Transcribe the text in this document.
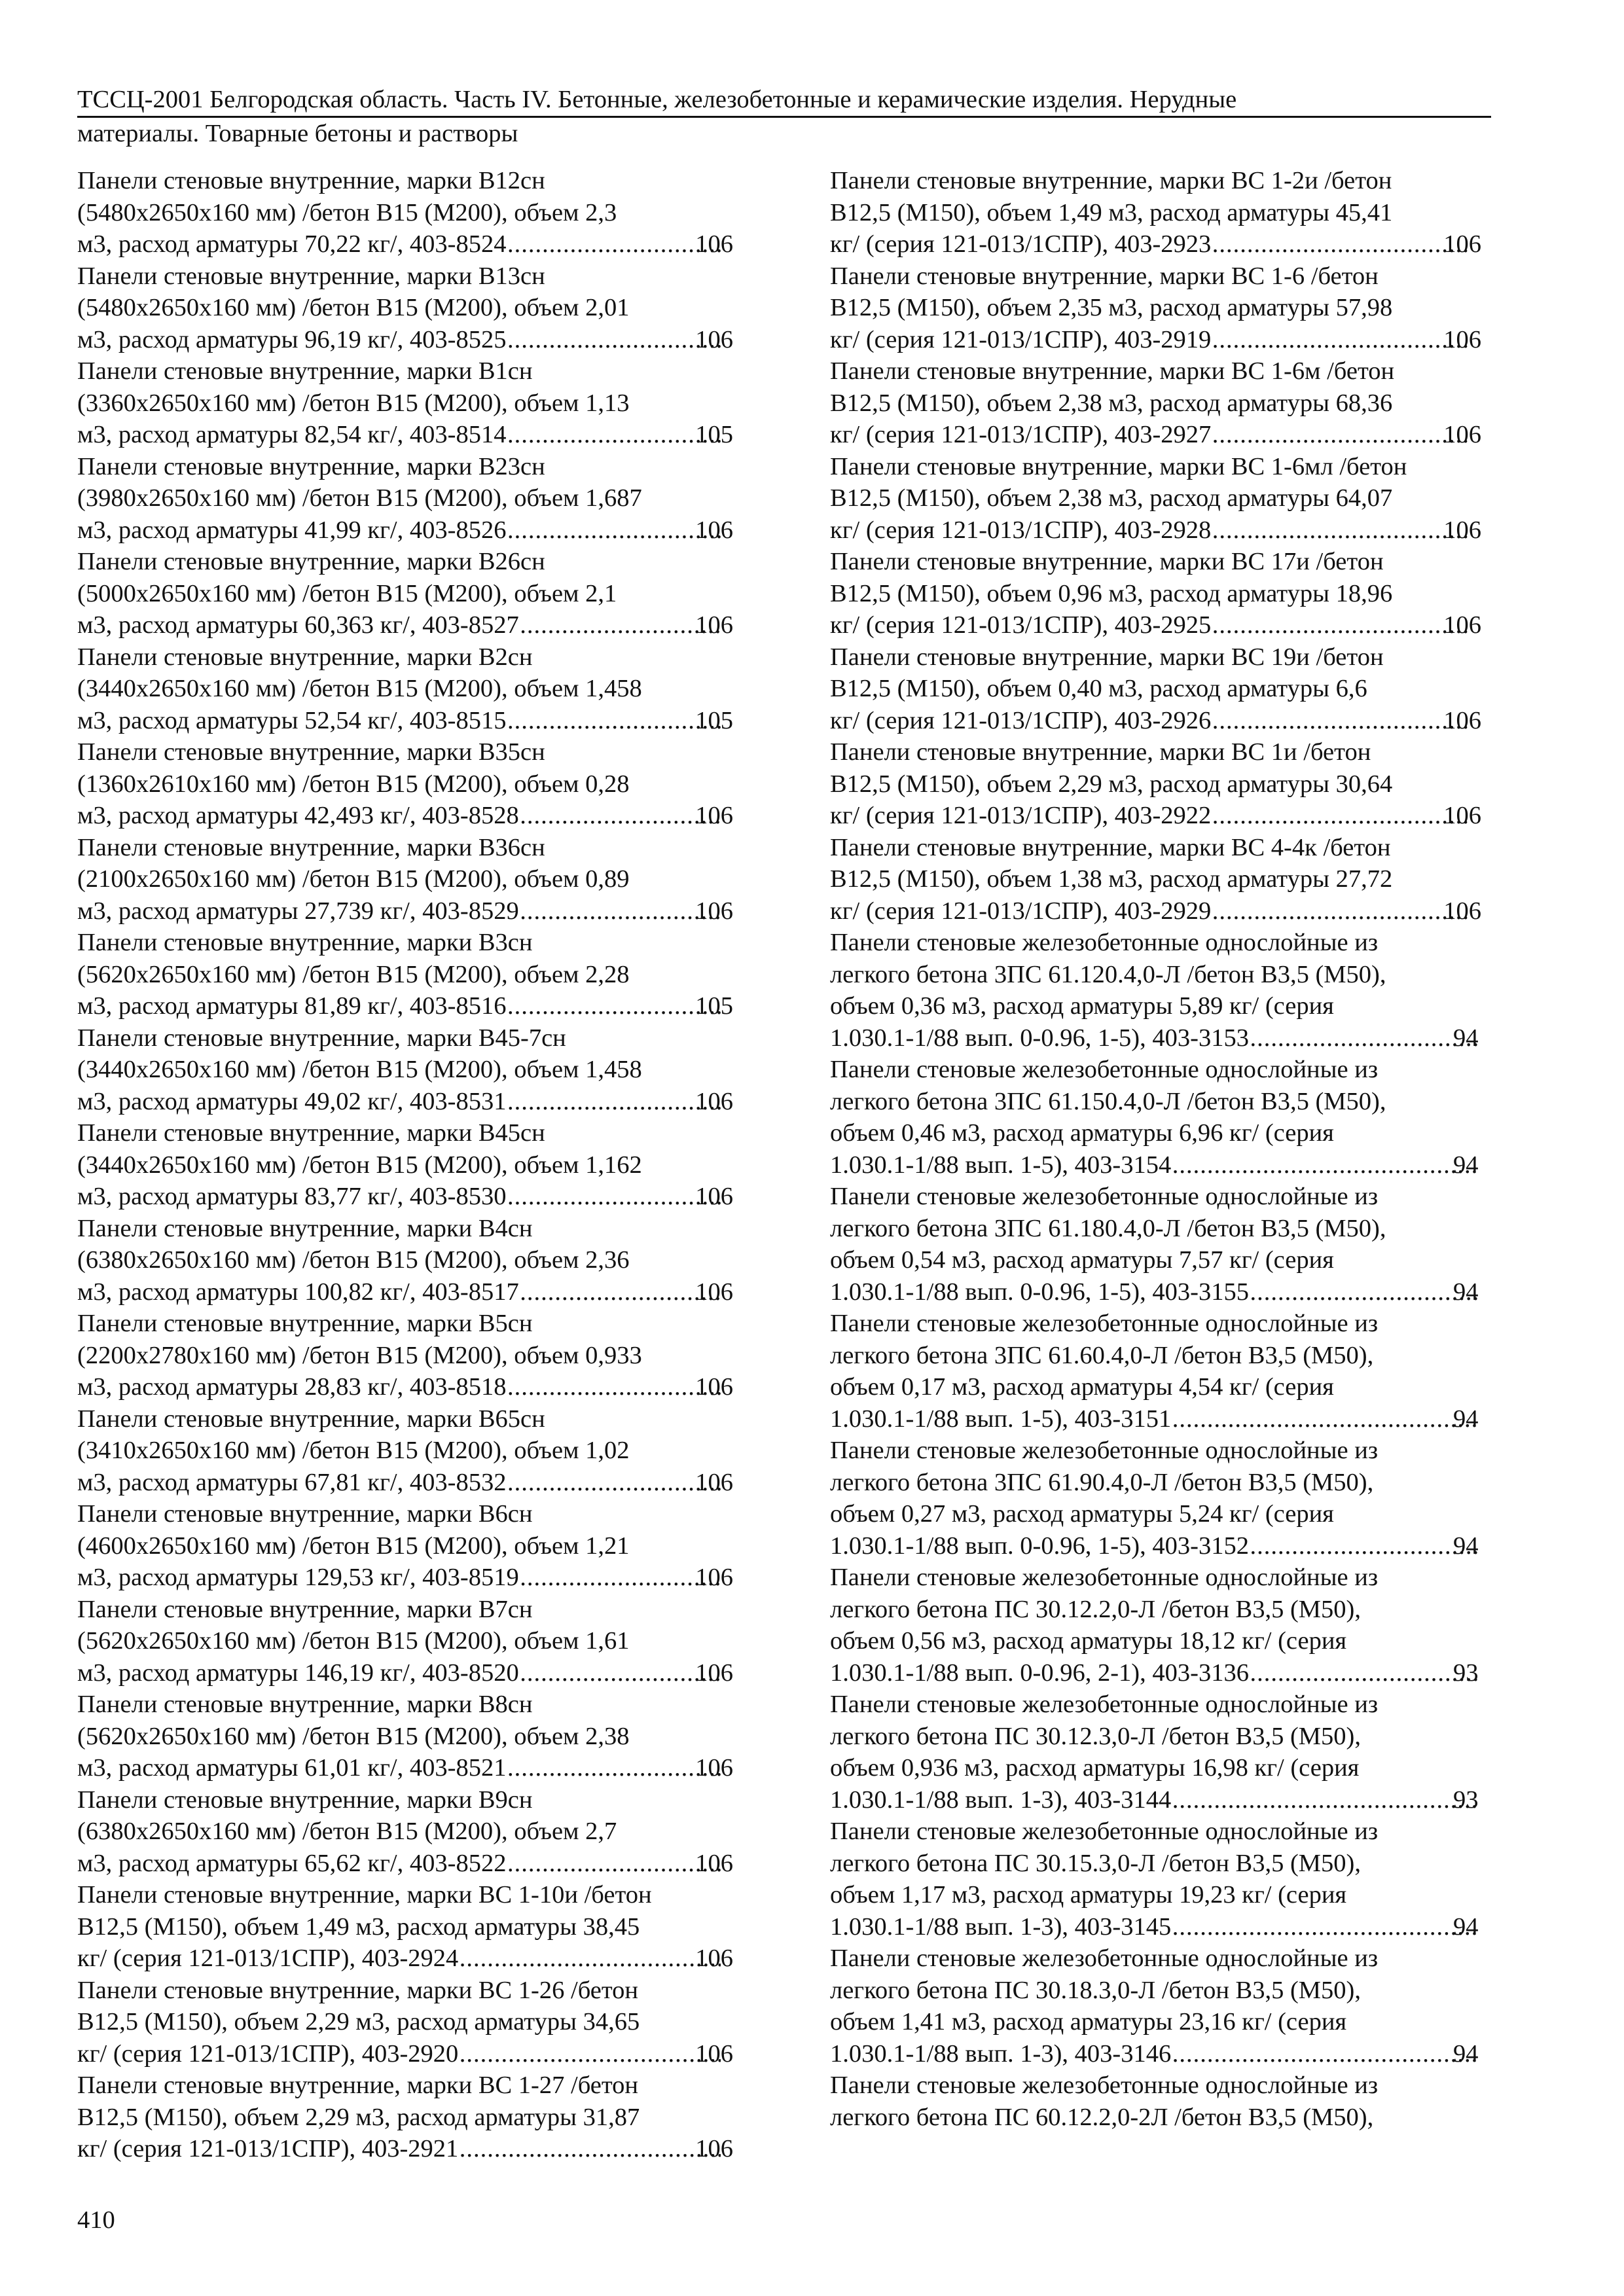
ТССЦ-2001 Белгородская область. Часть IV. Бетонные, железобетонные и керамические изделия. Нерудные
материалы. Товарные бетоны и растворы
Панели стеновые внутренние, марки В12сн
(5480х2650х160 мм) /бетон В15 (М200), объем 2,3
м3, расход арматуры 70,22 кг/, 403-8524 .....	106
Панели стеновые внутренние, марки В13сн
(5480х2650х160 мм) /бетон В15 (М200), объем 2,01
м3, расход арматуры 96,19 кг/, 403-8525 .....	106
Панели стеновые внутренние, марки В1сн
(3360х2650х160 мм) /бетон В15 (М200), объем 1,13
м3, расход арматуры 82,54 кг/, 403-8514 .....	105
Панели стеновые внутренние, марки В23сн
(3980х2650х160 мм) /бетон В15 (М200), объем 1,687
м3, расход арматуры 41,99 кг/, 403-8526 .....	106
Панели стеновые внутренние, марки В26сн
(5000х2650х160 мм) /бетон В15 (М200), объем 2,1
м3, расход арматуры 60,363 кг/, 403-8527 .....	106
Панели стеновые внутренние, марки В2сн
(3440х2650х160 мм) /бетон В15 (М200), объем 1,458
м3, расход арматуры 52,54 кг/, 403-8515 .....	105
Панели стеновые внутренние, марки В35сн
(1360х2610х160 мм) /бетон В15 (М200), объем 0,28
м3, расход арматуры 42,493 кг/, 403-8528 .....	106
Панели стеновые внутренние, марки В36сн
(2100х2650х160 мм) /бетон В15 (М200), объем 0,89
м3, расход арматуры 27,739 кг/, 403-8529 .....	106
Панели стеновые внутренние, марки В3сн
(5620х2650х160 мм) /бетон В15 (М200), объем 2,28
м3, расход арматуры 81,89 кг/, 403-8516 .....	105
Панели стеновые внутренние, марки В45-7сн
(3440х2650х160 мм) /бетон В15 (М200), объем 1,458
м3, расход арматуры 49,02 кг/, 403-8531 .....	106
Панели стеновые внутренние, марки В45сн
(3440х2650х160 мм) /бетон В15 (М200), объем 1,162
м3, расход арматуры 83,77 кг/, 403-8530 .....	106
Панели стеновые внутренние, марки В4сн
(6380х2650х160 мм) /бетон В15 (М200), объем 2,36
м3, расход арматуры 100,82 кг/, 403-8517 .....	106
Панели стеновые внутренние, марки В5сн
(2200х2780х160 мм) /бетон В15 (М200), объем 0,933
м3, расход арматуры 28,83 кг/, 403-8518 .....	106
Панели стеновые внутренние, марки В65сн
(3410х2650х160 мм) /бетон В15 (М200), объем 1,02
м3, расход арматуры 67,81 кг/, 403-8532 .....	106
Панели стеновые внутренние, марки В6сн
(4600х2650х160 мм) /бетон В15 (М200), объем 1,21
м3, расход арматуры 129,53 кг/, 403-8519 .....	106
Панели стеновые внутренние, марки В7сн
(5620х2650х160 мм) /бетон В15 (М200), объем 1,61
м3, расход арматуры 146,19 кг/, 403-8520 .....	106
Панели стеновые внутренние, марки В8сн
(5620х2650х160 мм) /бетон В15 (М200), объем 2,38
м3, расход арматуры 61,01 кг/, 403-8521 .....	106
Панели стеновые внутренние, марки В9сн
(6380х2650х160 мм) /бетон В15 (М200), объем 2,7
м3, расход арматуры 65,62 кг/, 403-8522 .....	106
Панели стеновые внутренние, марки ВС 1-10и /бетон
В12,5 (М150), объем 1,49 м3, расход арматуры 38,45
кг/ (серия 121-013/1СПР), 403-2924 .....	106
Панели стеновые внутренние, марки ВС 1-26 /бетон
В12,5 (М150), объем 2,29 м3, расход арматуры 34,65
кг/ (серия 121-013/1СПР), 403-2920 .....	106
Панели стеновые внутренние, марки ВС 1-27 /бетон
В12,5 (М150), объем 2,29 м3, расход арматуры 31,87
кг/ (серия 121-013/1СПР), 403-2921 .....	106
Панели стеновые внутренние, марки ВС 1-2и /бетон
В12,5 (М150), объем 1,49 м3, расход арматуры 45,41
кг/ (серия 121-013/1СПР), 403-2923 .....	106
Панели стеновые внутренние, марки ВС 1-6 /бетон
В12,5 (М150), объем 2,35 м3, расход арматуры 57,98
кг/ (серия 121-013/1СПР), 403-2919 .....	106
Панели стеновые внутренние, марки ВС 1-6м /бетон
В12,5 (М150), объем 2,38 м3, расход арматуры 68,36
кг/ (серия 121-013/1СПР), 403-2927 .....	106
Панели стеновые внутренние, марки ВС 1-6мл /бетон
В12,5 (М150), объем 2,38 м3, расход арматуры 64,07
кг/ (серия 121-013/1СПР), 403-2928 .....	106
Панели стеновые внутренние, марки ВС 17и /бетон
В12,5 (М150), объем 0,96 м3, расход арматуры 18,96
кг/ (серия 121-013/1СПР), 403-2925 .....	106
Панели стеновые внутренние, марки ВС 19и /бетон
В12,5 (М150), объем 0,40 м3, расход арматуры 6,6
кг/ (серия 121-013/1СПР), 403-2926 .....	106
Панели стеновые внутренние, марки ВС 1и /бетон
В12,5 (М150), объем 2,29 м3, расход арматуры 30,64
кг/ (серия 121-013/1СПР), 403-2922 .....	106
Панели стеновые внутренние, марки ВС 4-4к /бетон
В12,5 (М150), объем 1,38 м3, расход арматуры 27,72
кг/ (серия 121-013/1СПР), 403-2929 .....	106
Панели стеновые железобетонные однослойные из
легкого бетона 3ПС 61.120.4,0-Л /бетон В3,5 (М50),
объем 0,36 м3, расход арматуры 5,89 кг/ (серия
1.030.1-1/88 вып. 0-0.96, 1-5), 403-3153 .....	94
Панели стеновые железобетонные однослойные из
легкого бетона 3ПС 61.150.4,0-Л /бетон В3,5 (М50),
объем 0,46 м3, расход арматуры 6,96 кг/ (серия
1.030.1-1/88 вып. 1-5), 403-3154 .....	94
Панели стеновые железобетонные однослойные из
легкого бетона 3ПС 61.180.4,0-Л /бетон В3,5 (М50),
объем 0,54 м3, расход арматуры 7,57 кг/ (серия
1.030.1-1/88 вып. 0-0.96, 1-5), 403-3155 .....	94
Панели стеновые железобетонные однослойные из
легкого бетона 3ПС 61.60.4,0-Л /бетон В3,5 (М50),
объем 0,17 м3, расход арматуры 4,54 кг/ (серия
1.030.1-1/88 вып. 1-5), 403-3151 .....	94
Панели стеновые железобетонные однослойные из
легкого бетона 3ПС 61.90.4,0-Л /бетон В3,5 (М50),
объем 0,27 м3, расход арматуры 5,24 кг/ (серия
1.030.1-1/88 вып. 0-0.96, 1-5), 403-3152 .....	94
Панели стеновые железобетонные однослойные из
легкого бетона ПС 30.12.2,0-Л /бетон В3,5 (М50),
объем 0,56 м3, расход арматуры 18,12 кг/ (серия
1.030.1-1/88 вып. 0-0.96, 2-1), 403-3136 .....	93
Панели стеновые железобетонные однослойные из
легкого бетона ПС 30.12.3,0-Л /бетон В3,5 (М50),
объем 0,936 м3, расход арматуры 16,98 кг/ (серия
1.030.1-1/88 вып. 1-3), 403-3144 .....	93
Панели стеновые железобетонные однослойные из
легкого бетона ПС 30.15.3,0-Л /бетон В3,5 (М50),
объем 1,17 м3, расход арматуры 19,23 кг/ (серия
1.030.1-1/88 вып. 1-3), 403-3145 .....	94
Панели стеновые железобетонные однослойные из
легкого бетона ПС 30.18.3,0-Л /бетон В3,5 (М50),
объем 1,41 м3, расход арматуры 23,16 кг/ (серия
1.030.1-1/88 вып. 1-3), 403-3146 .....	94
Панели стеновые железобетонные однослойные из
легкого бетона ПС 60.12.2,0-2Л /бетон В3,5 (М50),
410
